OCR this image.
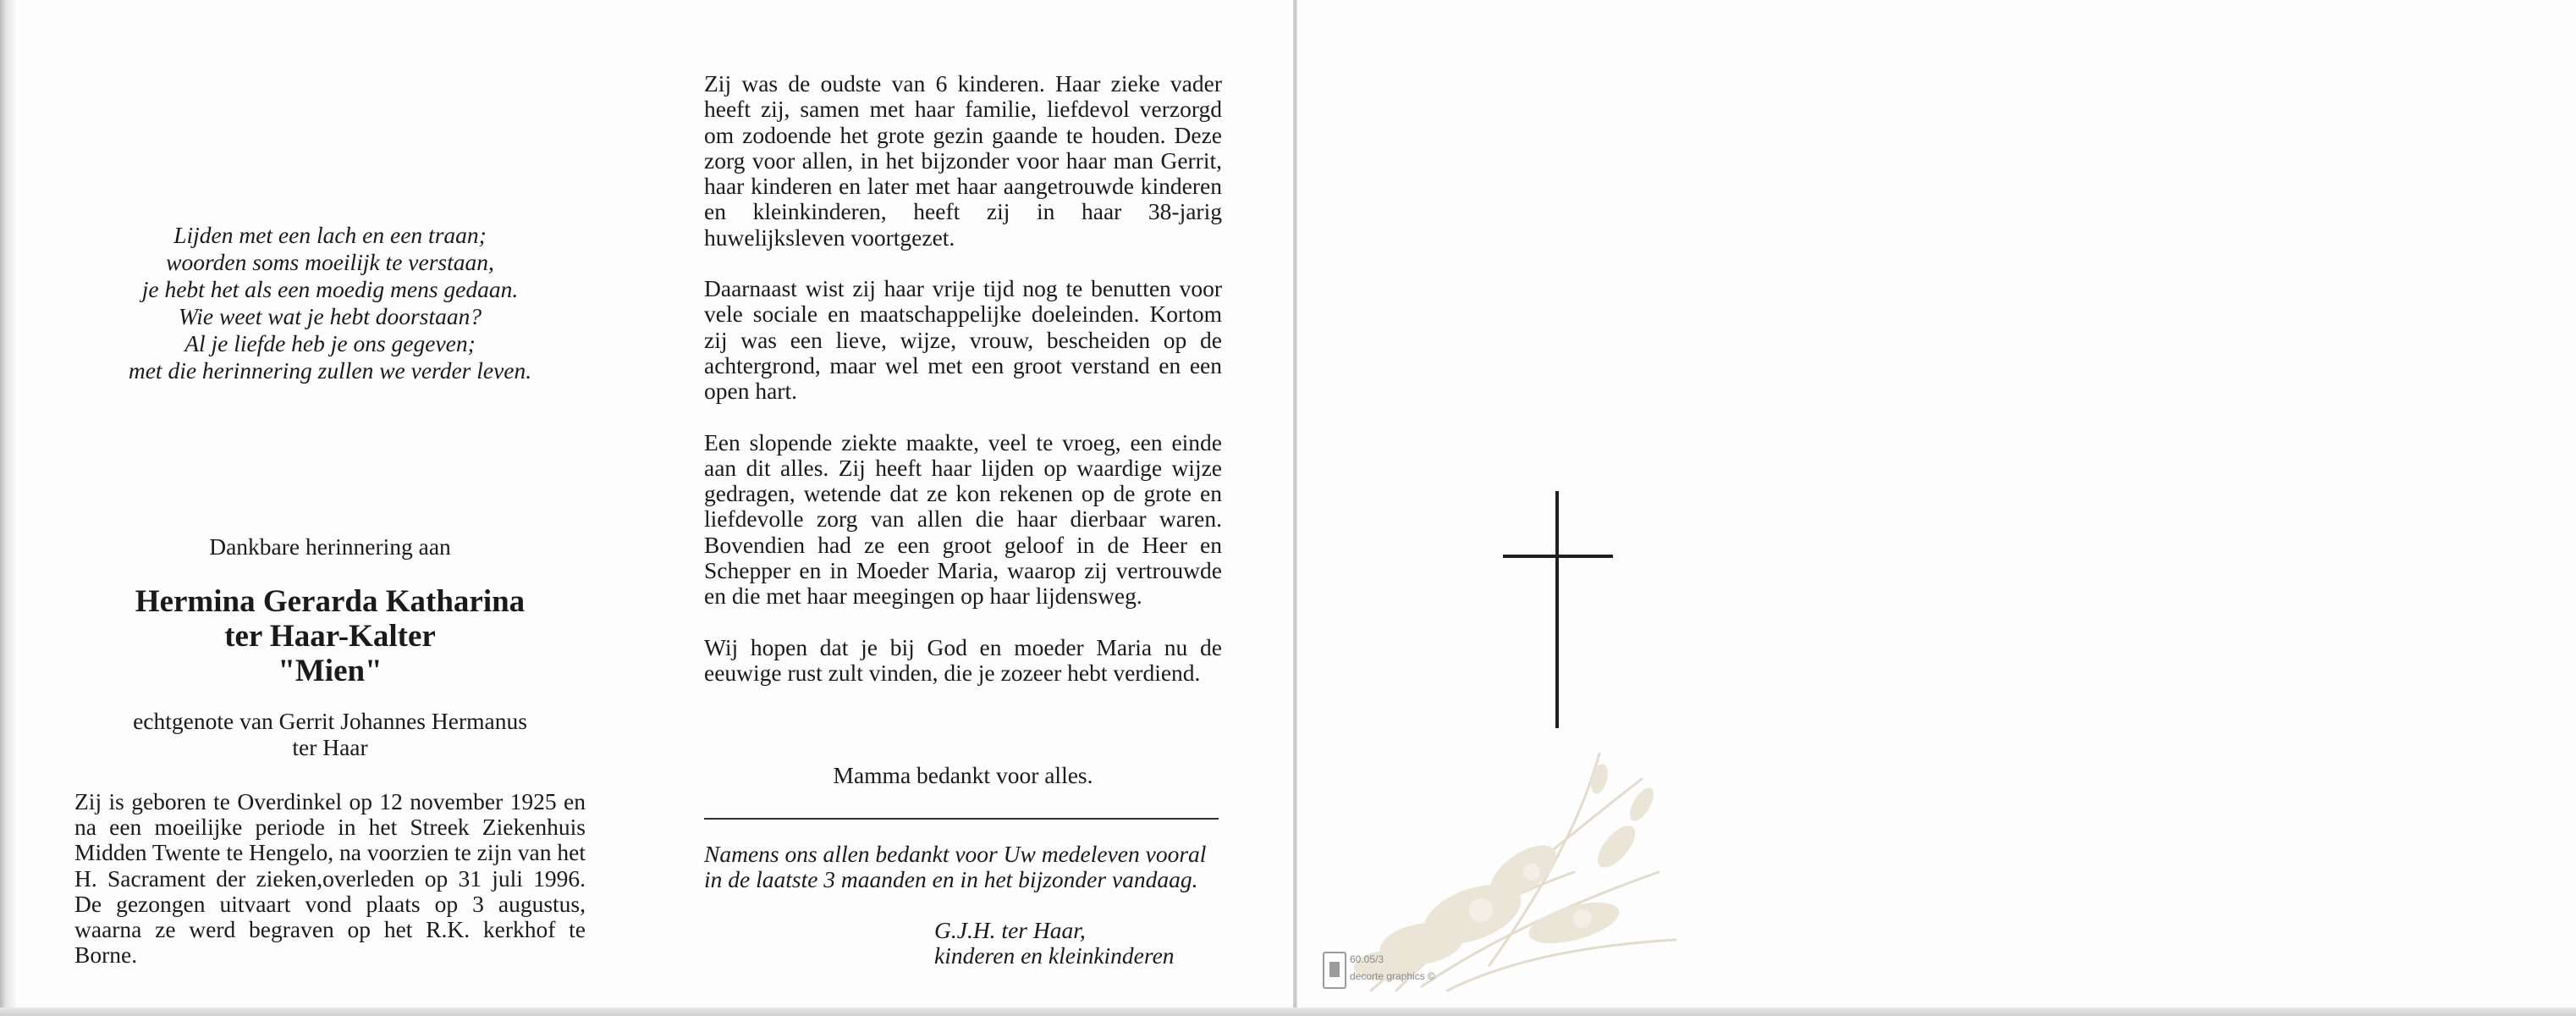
Lijden met een lach en een traan;
woorden soms moeilijk te verstaan,
je hebt het als een moedig mens gedaan.
Wie weet wat je hebt doorstaan?
Al je liefde heb je ons gegeven;
met die herinnering zullen we verder leven.
Dankbare herinnering aan
Hermina Gerarda Katharina
ter Haar-Kalter
"Mien"
echtgenote van Gerrit Johannes Hermanus
ter Haar
Zij is geboren te Overdinkel op 12 november 1925 en na een moeilijke periode in het Streek Ziekenhuis Midden Twente te Hengelo, na voorzien te zijn van het H. Sacrament der zieken,overleden op 31 juli 1996. De gezongen uitvaart vond plaats op 3 augustus, waarna ze werd begraven op het R.K. kerkhof te Borne.

Zij was de oudste van 6 kinderen. Haar zieke vader heeft zij, samen met haar familie, liefdevol verzorgd om zodoende het grote gezin gaande te houden. Deze zorg voor allen, in het bijzonder voor haar man Gerrit, haar kinderen en later met haar aangetrouwde kinderen en kleinkinderen, heeft zij in haar 38-jarig huwelijksleven voortgezet.

Daarnaast wist zij haar vrije tijd nog te benutten voor vele sociale en maatschappelijke doeleinden. Kortom zij was een lieve, wijze, vrouw, bescheiden op de achtergrond, maar wel met een groot verstand en een open hart.

Een slopende ziekte maakte, veel te vroeg, een einde aan dit alles. Zij heeft haar lijden op waardige wijze gedragen, wetende dat ze kon rekenen op de grote en liefdevolle zorg van allen die haar dierbaar waren. Bovendien had ze een groot geloof in de Heer en Schepper en in Moeder Maria, waarop zij vertrouwde en die met haar meegingen op haar lijdensweg.

Wij hopen dat je bij God en moeder Maria nu de eeuwige rust zult vinden, die je zozeer hebt verdiend.

Mamma bedankt voor alles.
Namens ons allen bedankt voor Uw medeleven vooral in de laatste 3 maanden en in het bijzonder vandaag.
G.J.H. ter Haar,
kinderen en kleinkinderen	60.05/3
decorte graphics ©
